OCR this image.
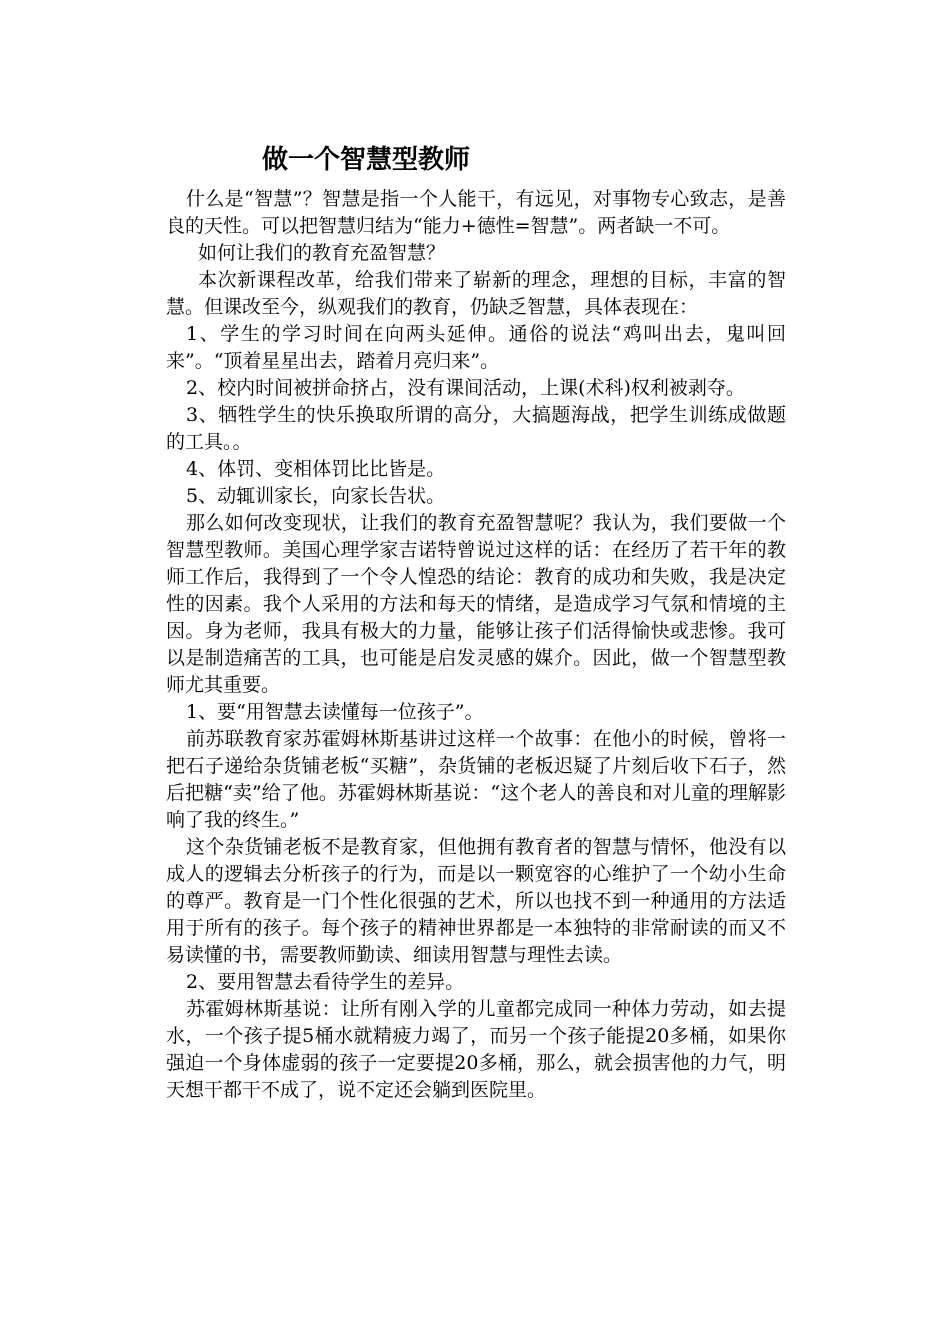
做一个智慧型教师

什么是“智慧”？智慧是指一个人能干，有远见，对事物专心致志，是善良的天性。可以把智慧归结为“能力+德性=智慧”。两者缺一不可。

如何让我们的教育充盈智慧？

本次新课程改革，给我们带来了崭新的理念，理想的目标，丰富的智慧。但课改至今，纵观我们的教育，仍缺乏智慧，具体表现在：

1、学生的学习时间在向两头延伸。通俗的说法“鸡叫出去，鬼叫回来”。“顶着星星出去，踏着月亮归来”。

2、校内时间被拼命挤占，没有课间活动，上课(术科)权利被剥夺。

3、牺牲学生的快乐换取所谓的高分，大搞题海战，把学生训练成做题的工具。。

4、体罚、变相体罚比比皆是。

5、动辄训家长，向家长告状。

那么如何改变现状，让我们的教育充盈智慧呢？我认为，我们要做一个智慧型教师。美国心理学家吉诺特曾说过这样的话：在经历了若干年的教师工作后，我得到了一个令人惶恐的结论：教育的成功和失败，我是决定性的因素。我个人采用的方法和每天的情绪，是造成学习气氛和情境的主因。身为老师，我具有极大的力量，能够让孩子们活得愉快或悲惨。我可以是制造痛苦的工具，也可能是启发灵感的媒介。因此，做一个智慧型教师尤其重要。

1、要“用智慧去读懂每一位孩子”。

前苏联教育家苏霍姆林斯基讲过这样一个故事：在他小的时候，曾将一把石子递给杂货铺老板“买糖”，杂货铺的老板迟疑了片刻后收下石子，然后把糖“卖”给了他。苏霍姆林斯基说：“这个老人的善良和对儿童的理解影响了我的终生。”

这个杂货铺老板不是教育家，但他拥有教育者的智慧与情怀，他没有以成人的逻辑去分析孩子的行为，而是以一颗宽容的心维护了一个幼小生命的尊严。教育是一门个性化很强的艺术，所以也找不到一种通用的方法适用于所有的孩子。每个孩子的精神世界都是一本独特的非常耐读的而又不易读懂的书，需要教师勤读、细读用智慧与理性去读。

2、要用智慧去看待学生的差异。

苏霍姆林斯基说：让所有刚入学的儿童都完成同一种体力劳动，如去提水，一个孩子提5桶水就精疲力竭了，而另一个孩子能提20多桶，如果你强迫一个身体虚弱的孩子一定要提20多桶，那么，就会损害他的力气，明天想干都干不成了，说不定还会躺到医院里。
